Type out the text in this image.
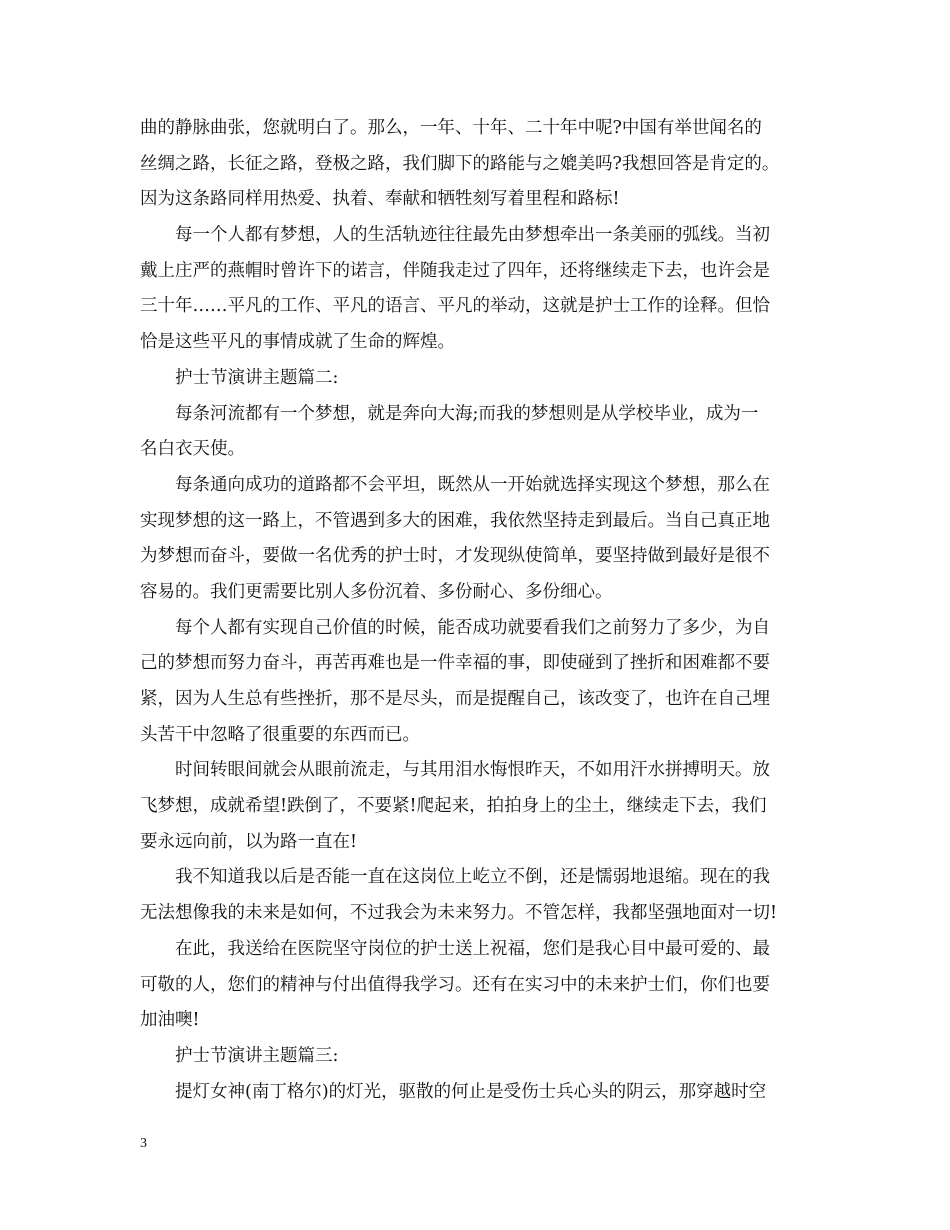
曲的静脉曲张，您就明白了。那么，一年、十年、二十年中呢?中国有举世闻名的
丝绸之路，长征之路，登极之路，我们脚下的路能与之媲美吗?我想回答是肯定的。
因为这条路同样用热爱、执着、奉献和牺牲刻写着里程和路标!
每一个人都有梦想，人的生活轨迹往往最先由梦想牵出一条美丽的弧线。当初
戴上庄严的燕帽时曾许下的诺言，伴随我走过了四年，还将继续走下去，也许会是
三十年……平凡的工作、平凡的语言、平凡的举动，这就是护士工作的诠释。但恰
恰是这些平凡的事情成就了生命的辉煌。
护士节演讲主题篇二:
每条河流都有一个梦想，就是奔向大海;而我的梦想则是从学校毕业，成为一
名白衣天使。
每条通向成功的道路都不会平坦，既然从一开始就选择实现这个梦想，那么在
实现梦想的这一路上，不管遇到多大的困难，我依然坚持走到最后。当自己真正地
为梦想而奋斗，要做一名优秀的护士时，才发现纵使简单，要坚持做到最好是很不
容易的。我们更需要比别人多份沉着、多份耐心、多份细心。
每个人都有实现自己价值的时候，能否成功就要看我们之前努力了多少，为自
己的梦想而努力奋斗，再苦再难也是一件幸福的事，即使碰到了挫折和困难都不要
紧，因为人生总有些挫折，那不是尽头，而是提醒自己，该改变了，也许在自己埋
头苦干中忽略了很重要的东西而已。
时间转眼间就会从眼前流走，与其用泪水悔恨昨天，不如用汗水拼搏明天。放
飞梦想，成就希望!跌倒了，不要紧!爬起来，拍拍身上的尘土，继续走下去，我们
要永远向前，以为路一直在!
我不知道我以后是否能一直在这岗位上屹立不倒，还是懦弱地退缩。现在的我
无法想像我的未来是如何，不过我会为未来努力。不管怎样，我都坚强地面对一切!
在此，我送给在医院坚守岗位的护士送上祝福，您们是我心目中最可爱的、最
可敬的人，您们的精神与付出值得我学习。还有在实习中的未来护士们，你们也要
加油噢!
护士节演讲主题篇三:
提灯女神(南丁格尔)的灯光，驱散的何止是受伤士兵心头的阴云，那穿越时空
3
